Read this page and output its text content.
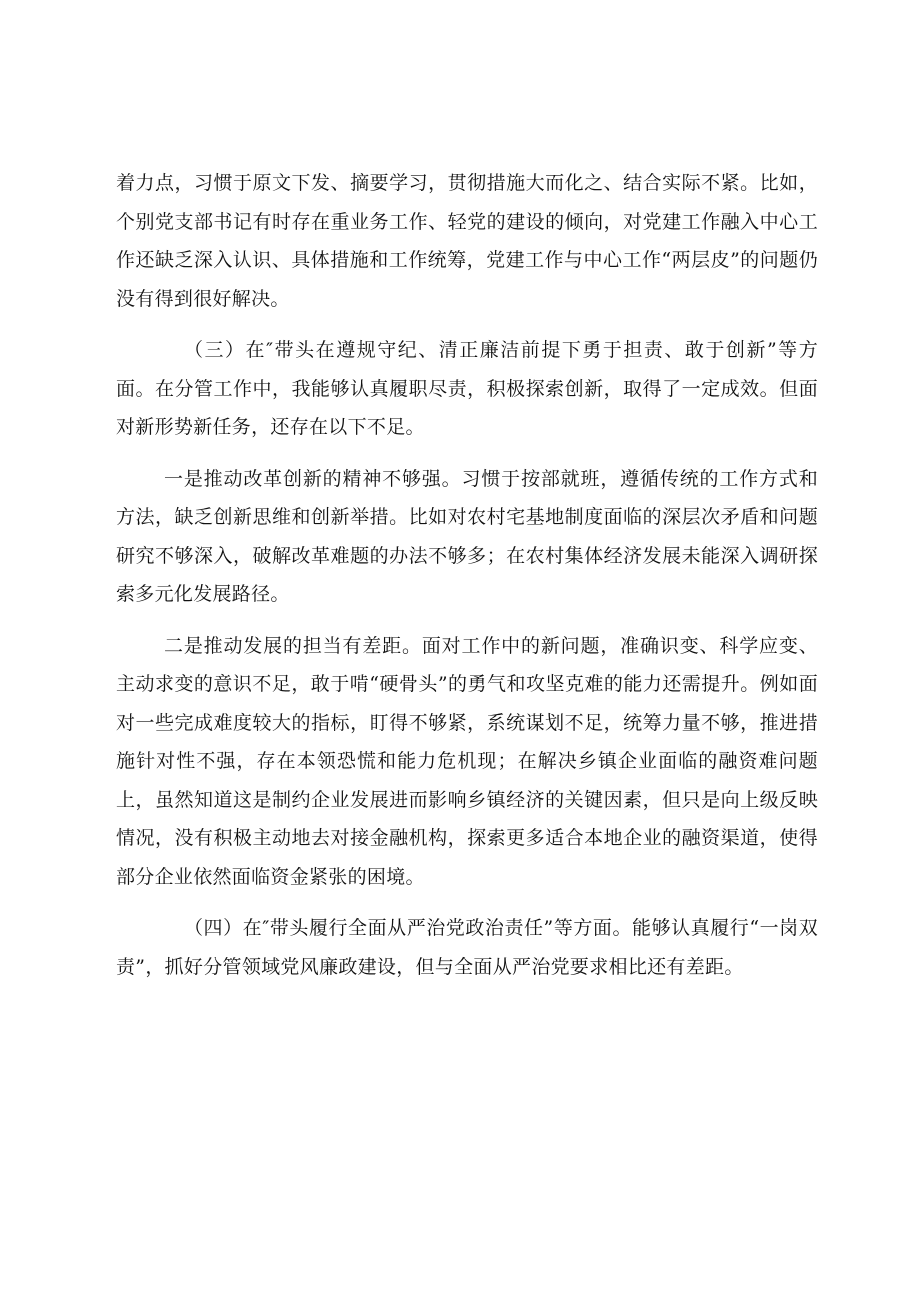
着力点，习惯于原文下发、摘要学习，贯彻措施大而化之、结合实际不紧。比如，个别党支部书记有时存在重业务工作、轻党的建设的倾向，对党建工作融入中心工作还缺乏深入认识、具体措施和工作统筹，党建工作与中心工作“两层皮”的问题仍没有得到很好解决。

（三）在″带头在遵规守纪、清正廉洁前提下勇于担责、敢于创新”等方面。在分管工作中，我能够认真履职尽责，积极探索创新，取得了一定成效。但面对新形势新任务，还存在以下不足。

一是推动改革创新的精神不够强。习惯于按部就班，遵循传统的工作方式和方法，缺乏创新思维和创新举措。比如对农村宅基地制度面临的深层次矛盾和问题研究不够深入，破解改革难题的办法不够多；在农村集体经济发展未能深入调研探索多元化发展路径。

二是推动发展的担当有差距。面对工作中的新问题，准确识变、科学应变、主动求变的意识不足，敢于啃“硬骨头”的勇气和攻坚克难的能力还需提升。例如面对一些完成难度较大的指标，盯得不够紧，系统谋划不足，统筹力量不够，推进措施针对性不强，存在本领恐慌和能力危机现；在解决乡镇企业面临的融资难问题上，虽然知道这是制约企业发展进而影响乡镇经济的关键因素，但只是向上级反映情况，没有积极主动地去对接金融机构，探索更多适合本地企业的融资渠道，使得部分企业依然面临资金紧张的困境。

（四）在″带头履行全面从严治党政治责任”等方面。能够认真履行“一岗双责”，抓好分管领域党风廉政建设，但与全面从严治党要求相比还有差距。
